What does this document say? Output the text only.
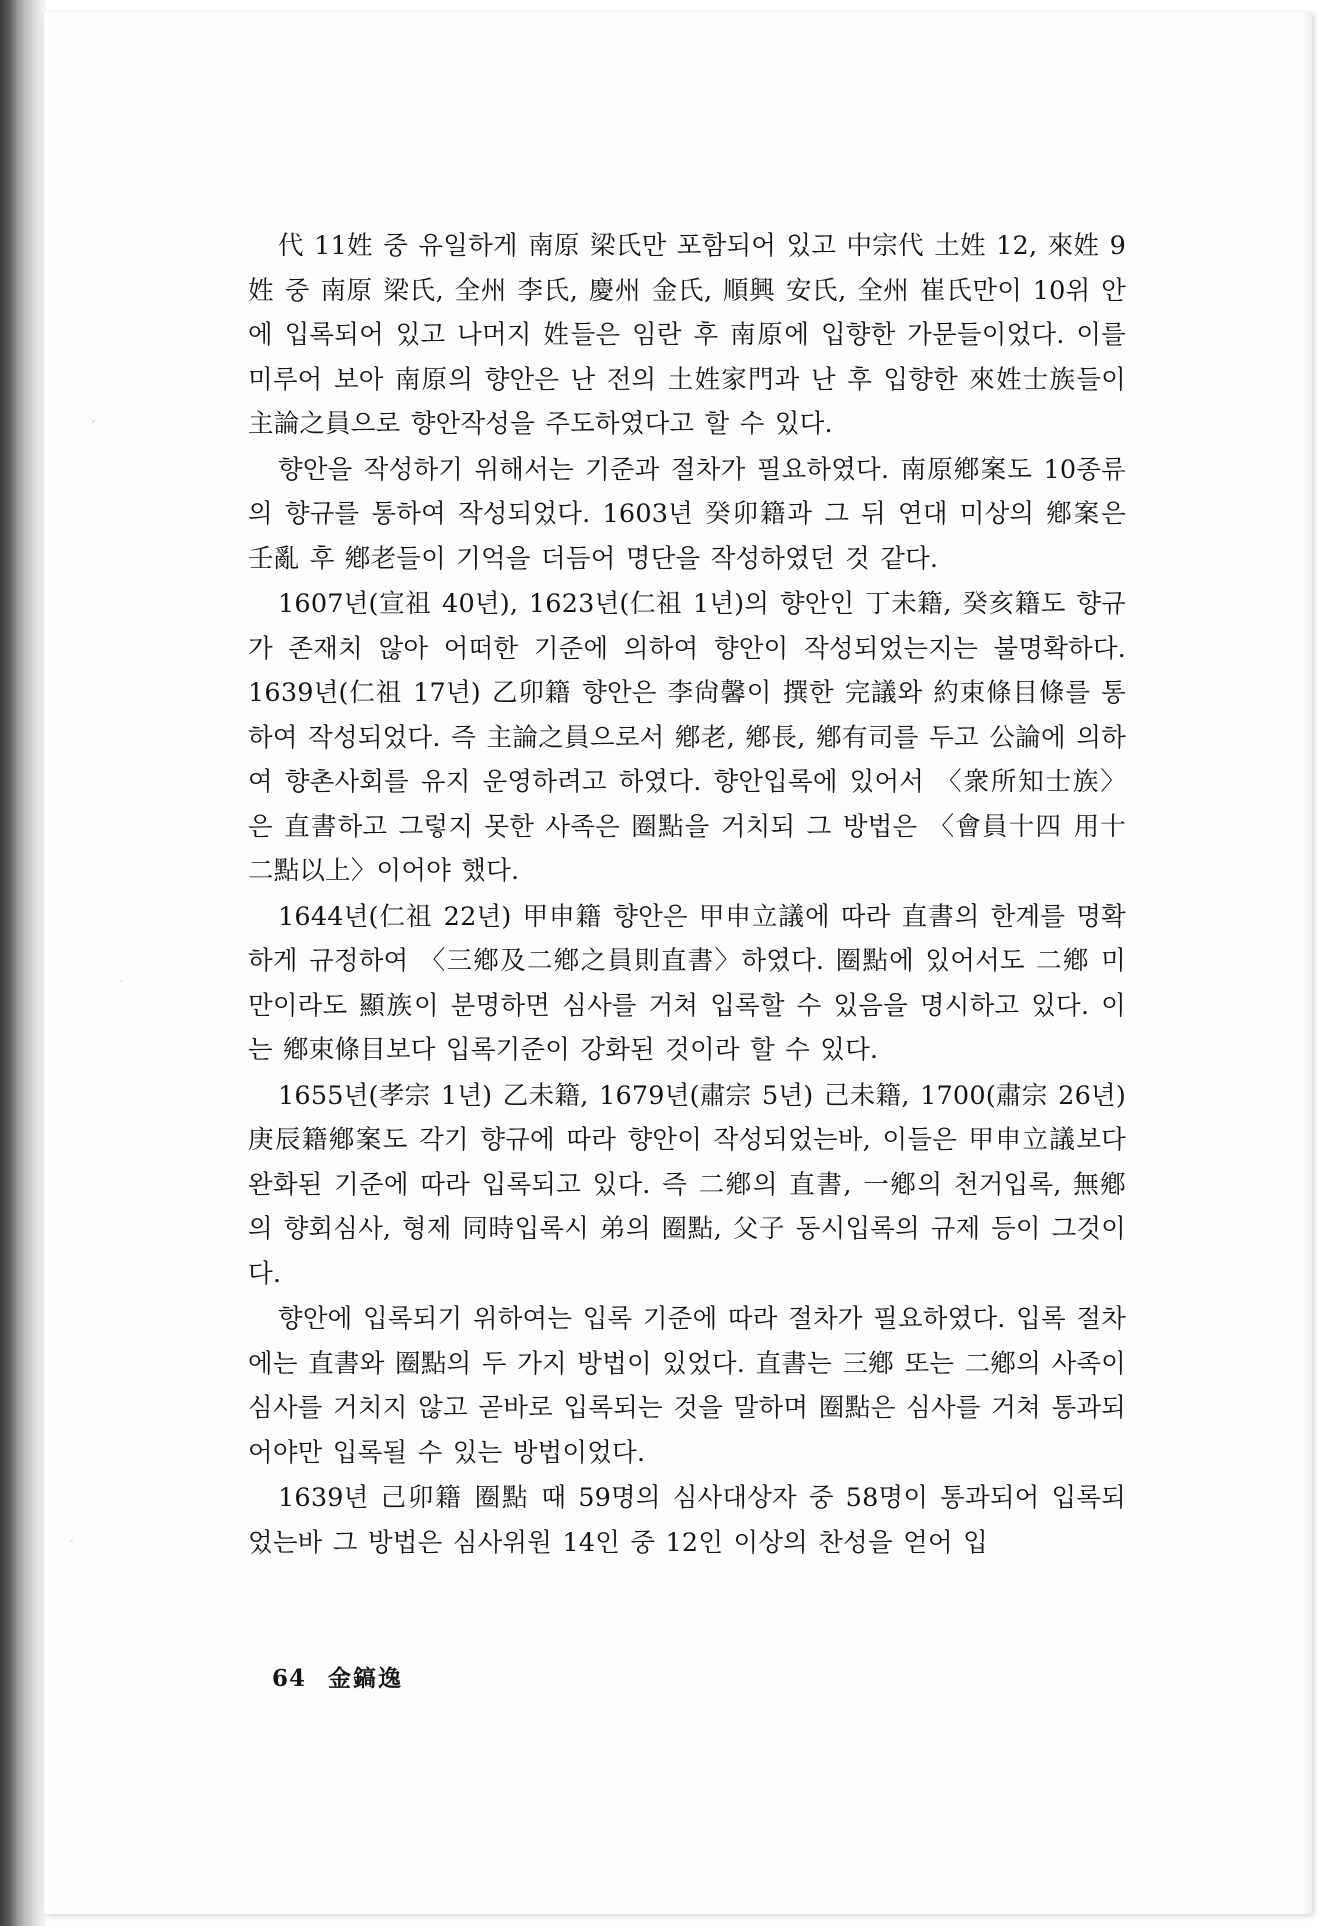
代 11姓 중 유일하게 南原 梁氏만 포함되어 있고 中宗代 土姓 12, 來姓 9姓 중 南原 梁氏, 全州 李氏, 慶州 金氏, 順興 安氏, 全州 崔氏만이 10위 안에 입록되어 있고 나머지 姓들은 임란 후 南原에 입향한 가문들이었다. 이를 미루어 보아 南原의 향안은 난 전의 土姓家門과 난 후 입향한 來姓士族들이 主論之員으로 향안작성을 주도하였다고 할 수 있다.

향안을 작성하기 위해서는 기준과 절차가 필요하였다. 南原鄕案도 10종류의 향규를 통하여 작성되었다. 1603년 癸卯籍과 그 뒤 연대 미상의 鄕案은 壬亂 후 鄕老들이 기억을 더듬어 명단을 작성하였던 것 같다.

1607년(宣祖 40년), 1623년(仁祖 1년)의 향안인 丁未籍, 癸亥籍도 향규가 존재치 않아 어떠한 기준에 의하여 향안이 작성되었는지는 불명확하다. 1639년(仁祖 17년) 乙卯籍 향안은 李尙馨이 撰한 完議와 約束條目條를 통하여 작성되었다. 즉 主論之員으로서 鄕老, 鄕長, 鄕有司를 두고 公論에 의하여 향촌사회를 유지 운영하려고 하였다. 향안입록에 있어서 〈衆所知士族〉은 直書하고 그렇지 못한 사족은 圈點을 거치되 그 방법은 〈會員十四 用十二點以上〉이어야 했다.

1644년(仁祖 22년) 甲申籍 향안은 甲申立議에 따라 直書의 한계를 명확하게 규정하여 〈三鄕及二鄕之員則直書〉하였다. 圈點에 있어서도 二鄕 미만이라도 顯族이 분명하면 심사를 거쳐 입록할 수 있음을 명시하고 있다. 이는 鄕束條目보다 입록기준이 강화된 것이라 할 수 있다.

1655년(孝宗 1년) 乙未籍, 1679년(肅宗 5년) 己未籍, 1700(肅宗 26년) 庚辰籍鄕案도 각기 향규에 따라 향안이 작성되었는바, 이들은 甲申立議보다 완화된 기준에 따라 입록되고 있다. 즉 二鄕의 直書, 一鄕의 천거입록, 無鄕의 향회심사, 형제 同時입록시 弟의 圈點, 父子 동시입록의 규제 등이 그것이다.

향안에 입록되기 위하여는 입록 기준에 따라 절차가 필요하였다. 입록 절차에는 直書와 圈點의 두 가지 방법이 있었다. 直書는 三鄕 또는 二鄕의 사족이 심사를 거치지 않고 곧바로 입록되는 것을 말하며 圈點은 심사를 거쳐 통과되어야만 입록될 수 있는 방법이었다.

1639년 己卯籍 圈點 때 59명의 심사대상자 중 58명이 통과되어 입록되었는바 그 방법은 심사위원 14인 중 12인 이상의 찬성을 얻어 입

64 金鎬逸
